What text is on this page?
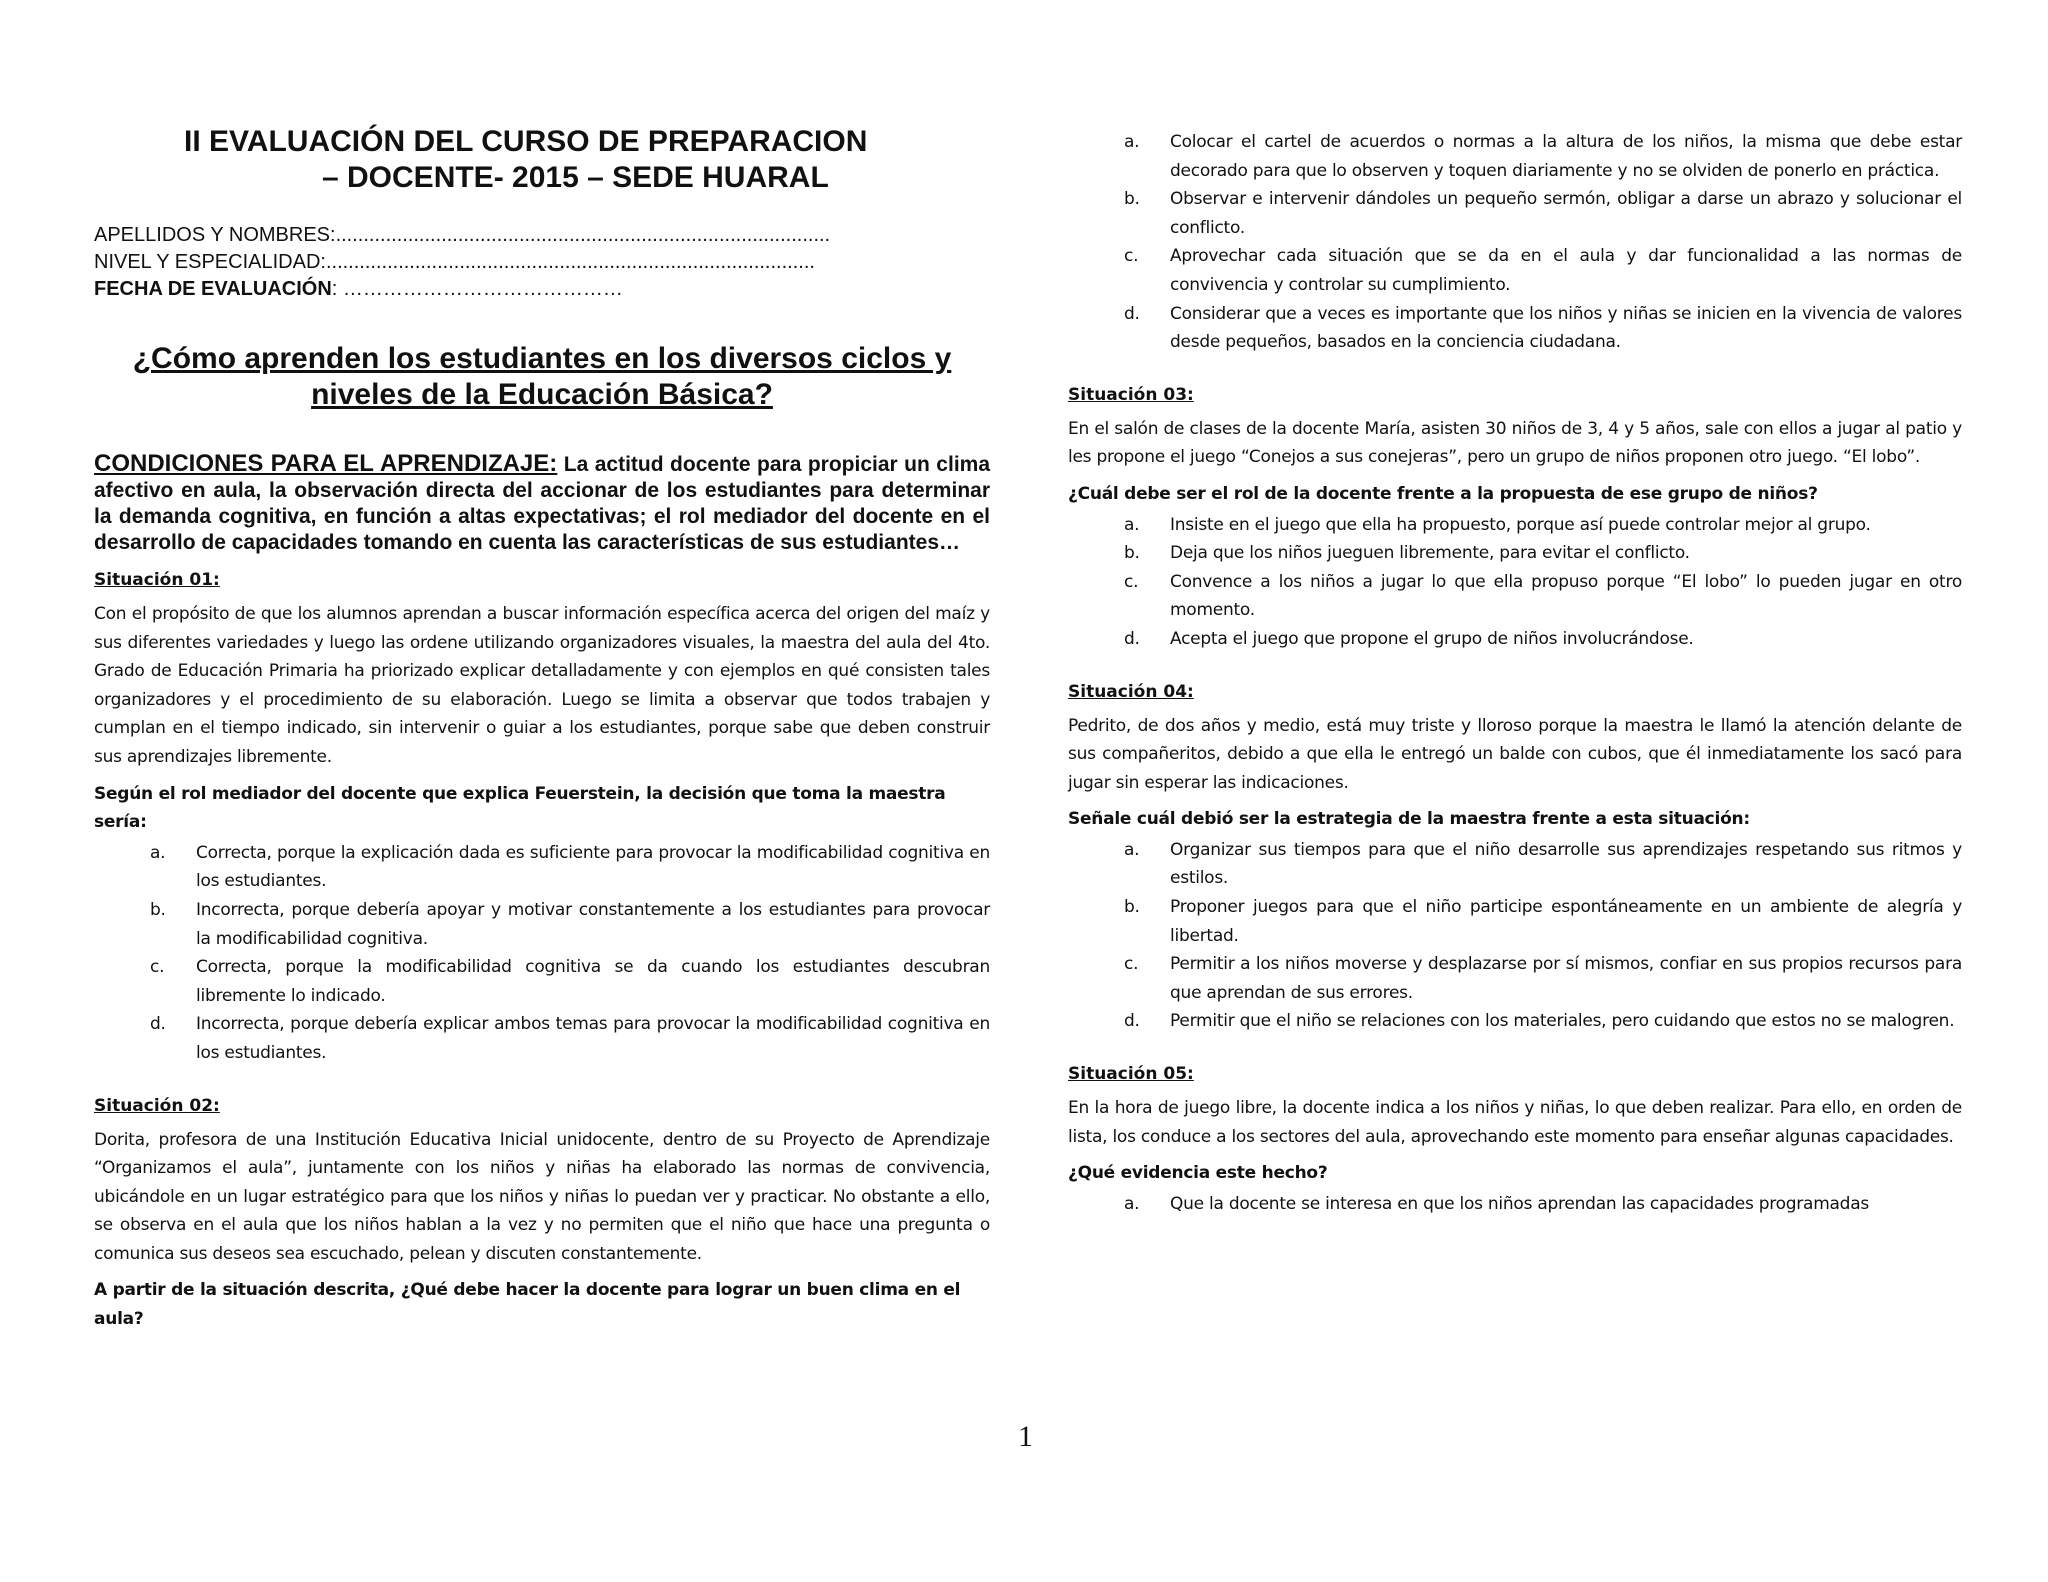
II EVALUACIÓN DEL CURSO DE PREPARACION
– DOCENTE- 2015 – SEDE HUARAL
APELLIDOS Y NOMBRES:.........................................................................................
NIVEL Y ESPECIALIDAD:........................................................................................
FECHA DE EVALUACIÓN: ……………………………………
¿Cómo aprenden los estudiantes en los diversos ciclos y niveles de la Educación Básica?

CONDICIONES PARA EL APRENDIZAJE: La actitud docente para propiciar un clima afectivo en aula, la observación directa del accionar de los estudiantes para determinar la demanda cognitiva, en función a altas expectativas; el rol mediador del docente en el desarrollo de capacidades tomando en cuenta las características de sus estudiantes…

Situación 01:

Con el propósito de que los alumnos aprendan a buscar información específica acerca del origen del maíz y sus diferentes variedades y luego las ordene utilizando organizadores visuales, la maestra del aula del 4to. Grado de Educación Primaria ha priorizado explicar detalladamente y con ejemplos en qué consisten tales organizadores y el procedimiento de su elaboración. Luego se limita a observar que todos trabajen y cumplan en el tiempo indicado, sin intervenir o guiar a los estudiantes, porque sabe que deben construir sus aprendizajes libremente.

Según el rol mediador del docente que explica Feuerstein, la decisión que toma la maestra sería:

a.	Correcta, porque la explicación dada es suficiente para provocar la modificabilidad cognitiva en los estudiantes.
b.	Incorrecta, porque debería apoyar y motivar constantemente a los estudiantes para provocar la modificabilidad cognitiva.
c.	Correcta, porque la modificabilidad cognitiva se da cuando los estudiantes descubran libremente lo indicado.
d.	Incorrecta, porque debería explicar ambos temas para provocar la modificabilidad cognitiva en los estudiantes.

Situación 02:

Dorita, profesora de una Institución Educativa Inicial unidocente, dentro de su Proyecto de Aprendizaje “Organizamos el aula”, juntamente con los niños y niñas ha elaborado las normas de convivencia, ubicándole en un lugar estratégico para que los niños y niñas lo puedan ver y practicar. No obstante a ello, se observa en el aula que los niños hablan a la vez y no permiten que el niño que hace una pregunta o comunica sus deseos sea escuchado, pelean y discuten constantemente.

A partir de la situación descrita, ¿Qué debe hacer la docente para lograr un buen clima en el aula?

a.	Colocar el cartel de acuerdos o normas a la altura de los niños, la misma que debe estar decorado para que lo observen y toquen diariamente y no se olviden de ponerlo en práctica.
b.	Observar e intervenir dándoles un pequeño sermón, obligar a darse un abrazo y solucionar el conflicto.
c.	Aprovechar cada situación que se da en el aula y dar funcionalidad a las normas de convivencia y controlar su cumplimiento.
d.	Considerar que a veces es importante que los niños y niñas se inicien en la vivencia de valores desde pequeños, basados en la conciencia ciudadana.

Situación 03:

En el salón de clases de la docente María, asisten 30 niños de 3, 4 y 5 años, sale con ellos a jugar al patio y les propone el juego “Conejos a sus conejeras”, pero un grupo de niños proponen otro juego. “El lobo”.

¿Cuál debe ser el rol de la docente frente a la propuesta de ese grupo de niños?

a.	Insiste en el juego que ella ha propuesto, porque así puede controlar mejor al grupo.
b.	Deja que los niños jueguen libremente, para evitar el conflicto.
c.	Convence a los niños a jugar lo que ella propuso porque “El lobo” lo pueden jugar en otro momento.
d.	Acepta el juego que propone el grupo de niños involucrándose.

Situación 04:

Pedrito, de dos años y medio, está muy triste y lloroso porque la maestra le llamó la atención delante de sus compañeritos, debido a que ella le entregó un balde con cubos, que él inmediatamente los sacó para jugar sin esperar las indicaciones.

Señale cuál debió ser la estrategia de la maestra frente a esta situación:

a.	Organizar sus tiempos para que el niño desarrolle sus aprendizajes respetando sus ritmos y estilos.
b.	Proponer juegos para que el niño participe espontáneamente en un ambiente de alegría y libertad.
c.	Permitir a los niños moverse y desplazarse por sí mismos, confiar en sus propios recursos para que aprendan de sus errores.
d.	Permitir que el niño se relaciones con los materiales, pero cuidando que estos no se malogren.

Situación 05:

En la hora de juego libre, la docente indica a los niños y niñas, lo que deben realizar. Para ello, en orden de lista, los conduce a los sectores del aula, aprovechando este momento para enseñar algunas capacidades.

¿Qué evidencia este hecho?

a.	Que la docente se interesa en que los niños aprendan las capacidades programadas
1
